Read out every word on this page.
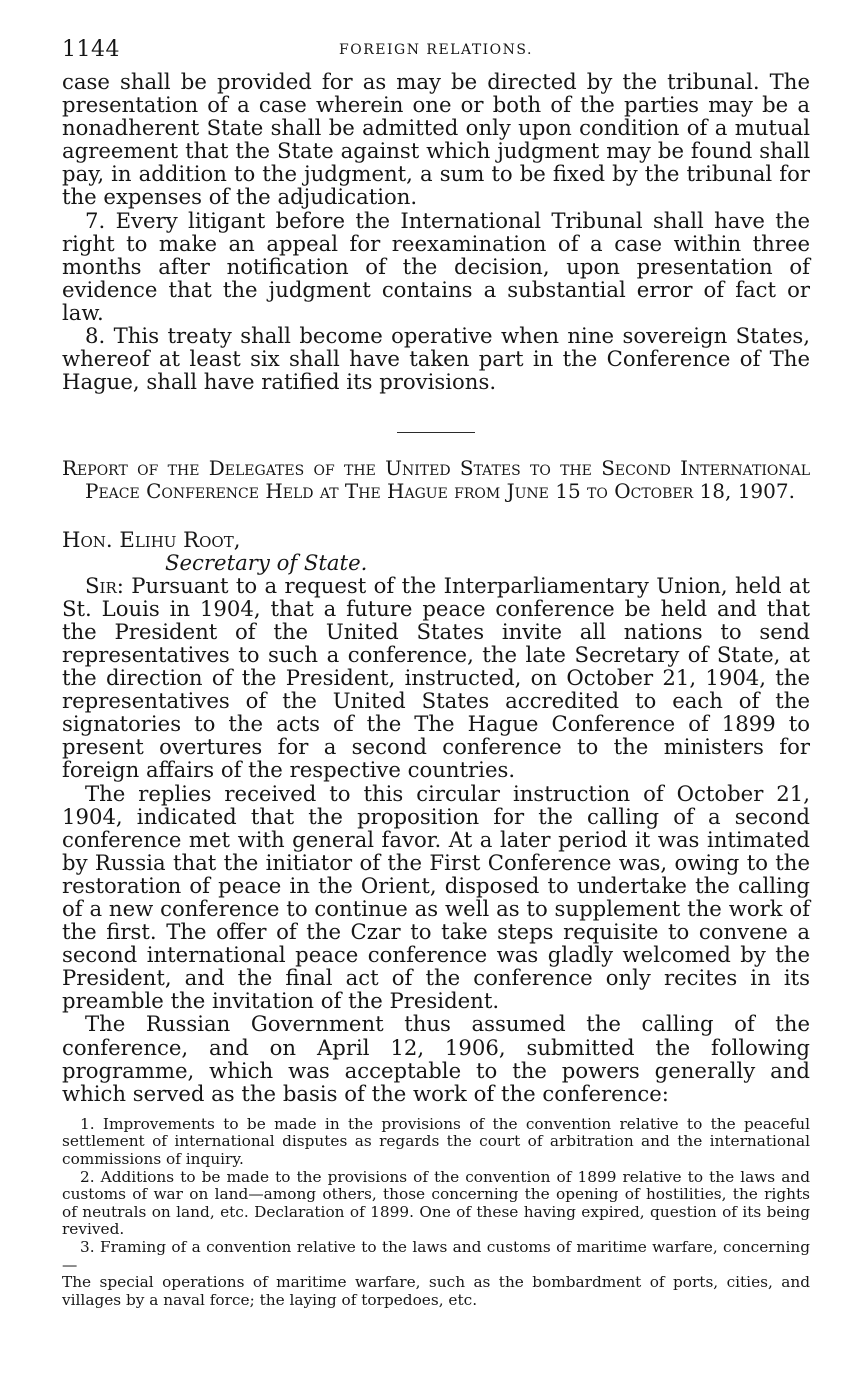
1144	FOREIGN RELATIONS.

case shall be provided for as may be directed by the tribunal. The presentation of a case wherein one or both of the parties may be a nonadherent State shall be admitted only upon condition of a mutual agreement that the State against which judgment may be found shall pay, in addition to the judgment, a sum to be fixed by the tribunal for the expenses of the adjudication.

7. Every litigant before the International Tribunal shall have the right to make an appeal for reexamination of a case within three months after notification of the decision, upon presentation of evidence that the judgment contains a substantial error of fact or law.

8. This treaty shall become operative when nine sovereign States, whereof at least six shall have taken part in the Conference of The Hague, shall have ratified its provisions.

Report of the Delegates of the United States to the Second International Peace Conference Held at The Hague from June 15 to October 18, 1907.
Hon. Elihu Root,
Secretary of State.

Sir: Pursuant to a request of the Interparliamentary Union, held at St. Louis in 1904, that a future peace conference be held and that the President of the United States invite all nations to send representatives to such a conference, the late Secretary of State, at the direction of the President, instructed, on October 21, 1904, the representatives of the United States accredited to each of the signatories to the acts of the The Hague Conference of 1899 to present overtures for a second conference to the ministers for foreign affairs of the respective countries.

The replies received to this circular instruction of October 21, 1904, indicated that the proposition for the calling of a second conference met with general favor. At a later period it was intimated by Russia that the initiator of the First Conference was, owing to the restoration of peace in the Orient, disposed to undertake the calling of a new conference to continue as well as to supplement the work of the first. The offer of the Czar to take steps requisite to convene a second international peace conference was gladly welcomed by the President, and the final act of the conference only recites in its preamble the invitation of the President.

The Russian Government thus assumed the calling of the conference, and on April 12, 1906, submitted the following programme, which was acceptable to the powers generally and which served as the basis of the work of the conference:

1. Improvements to be made in the provisions of the convention relative to the peaceful settlement of international disputes as regards the court of arbitration and the international commissions of inquiry.

2. Additions to be made to the provisions of the convention of 1899 relative to the laws and customs of war on land—among others, those concerning the opening of hostilities, the rights of neutrals on land, etc. Declaration of 1899. One of these having expired, question of its being revived.

3. Framing of a convention relative to the laws and customs of maritime warfare, concerning—

The special operations of maritime warfare, such as the bombardment of ports, cities, and villages by a naval force; the laying of torpedoes, etc.
